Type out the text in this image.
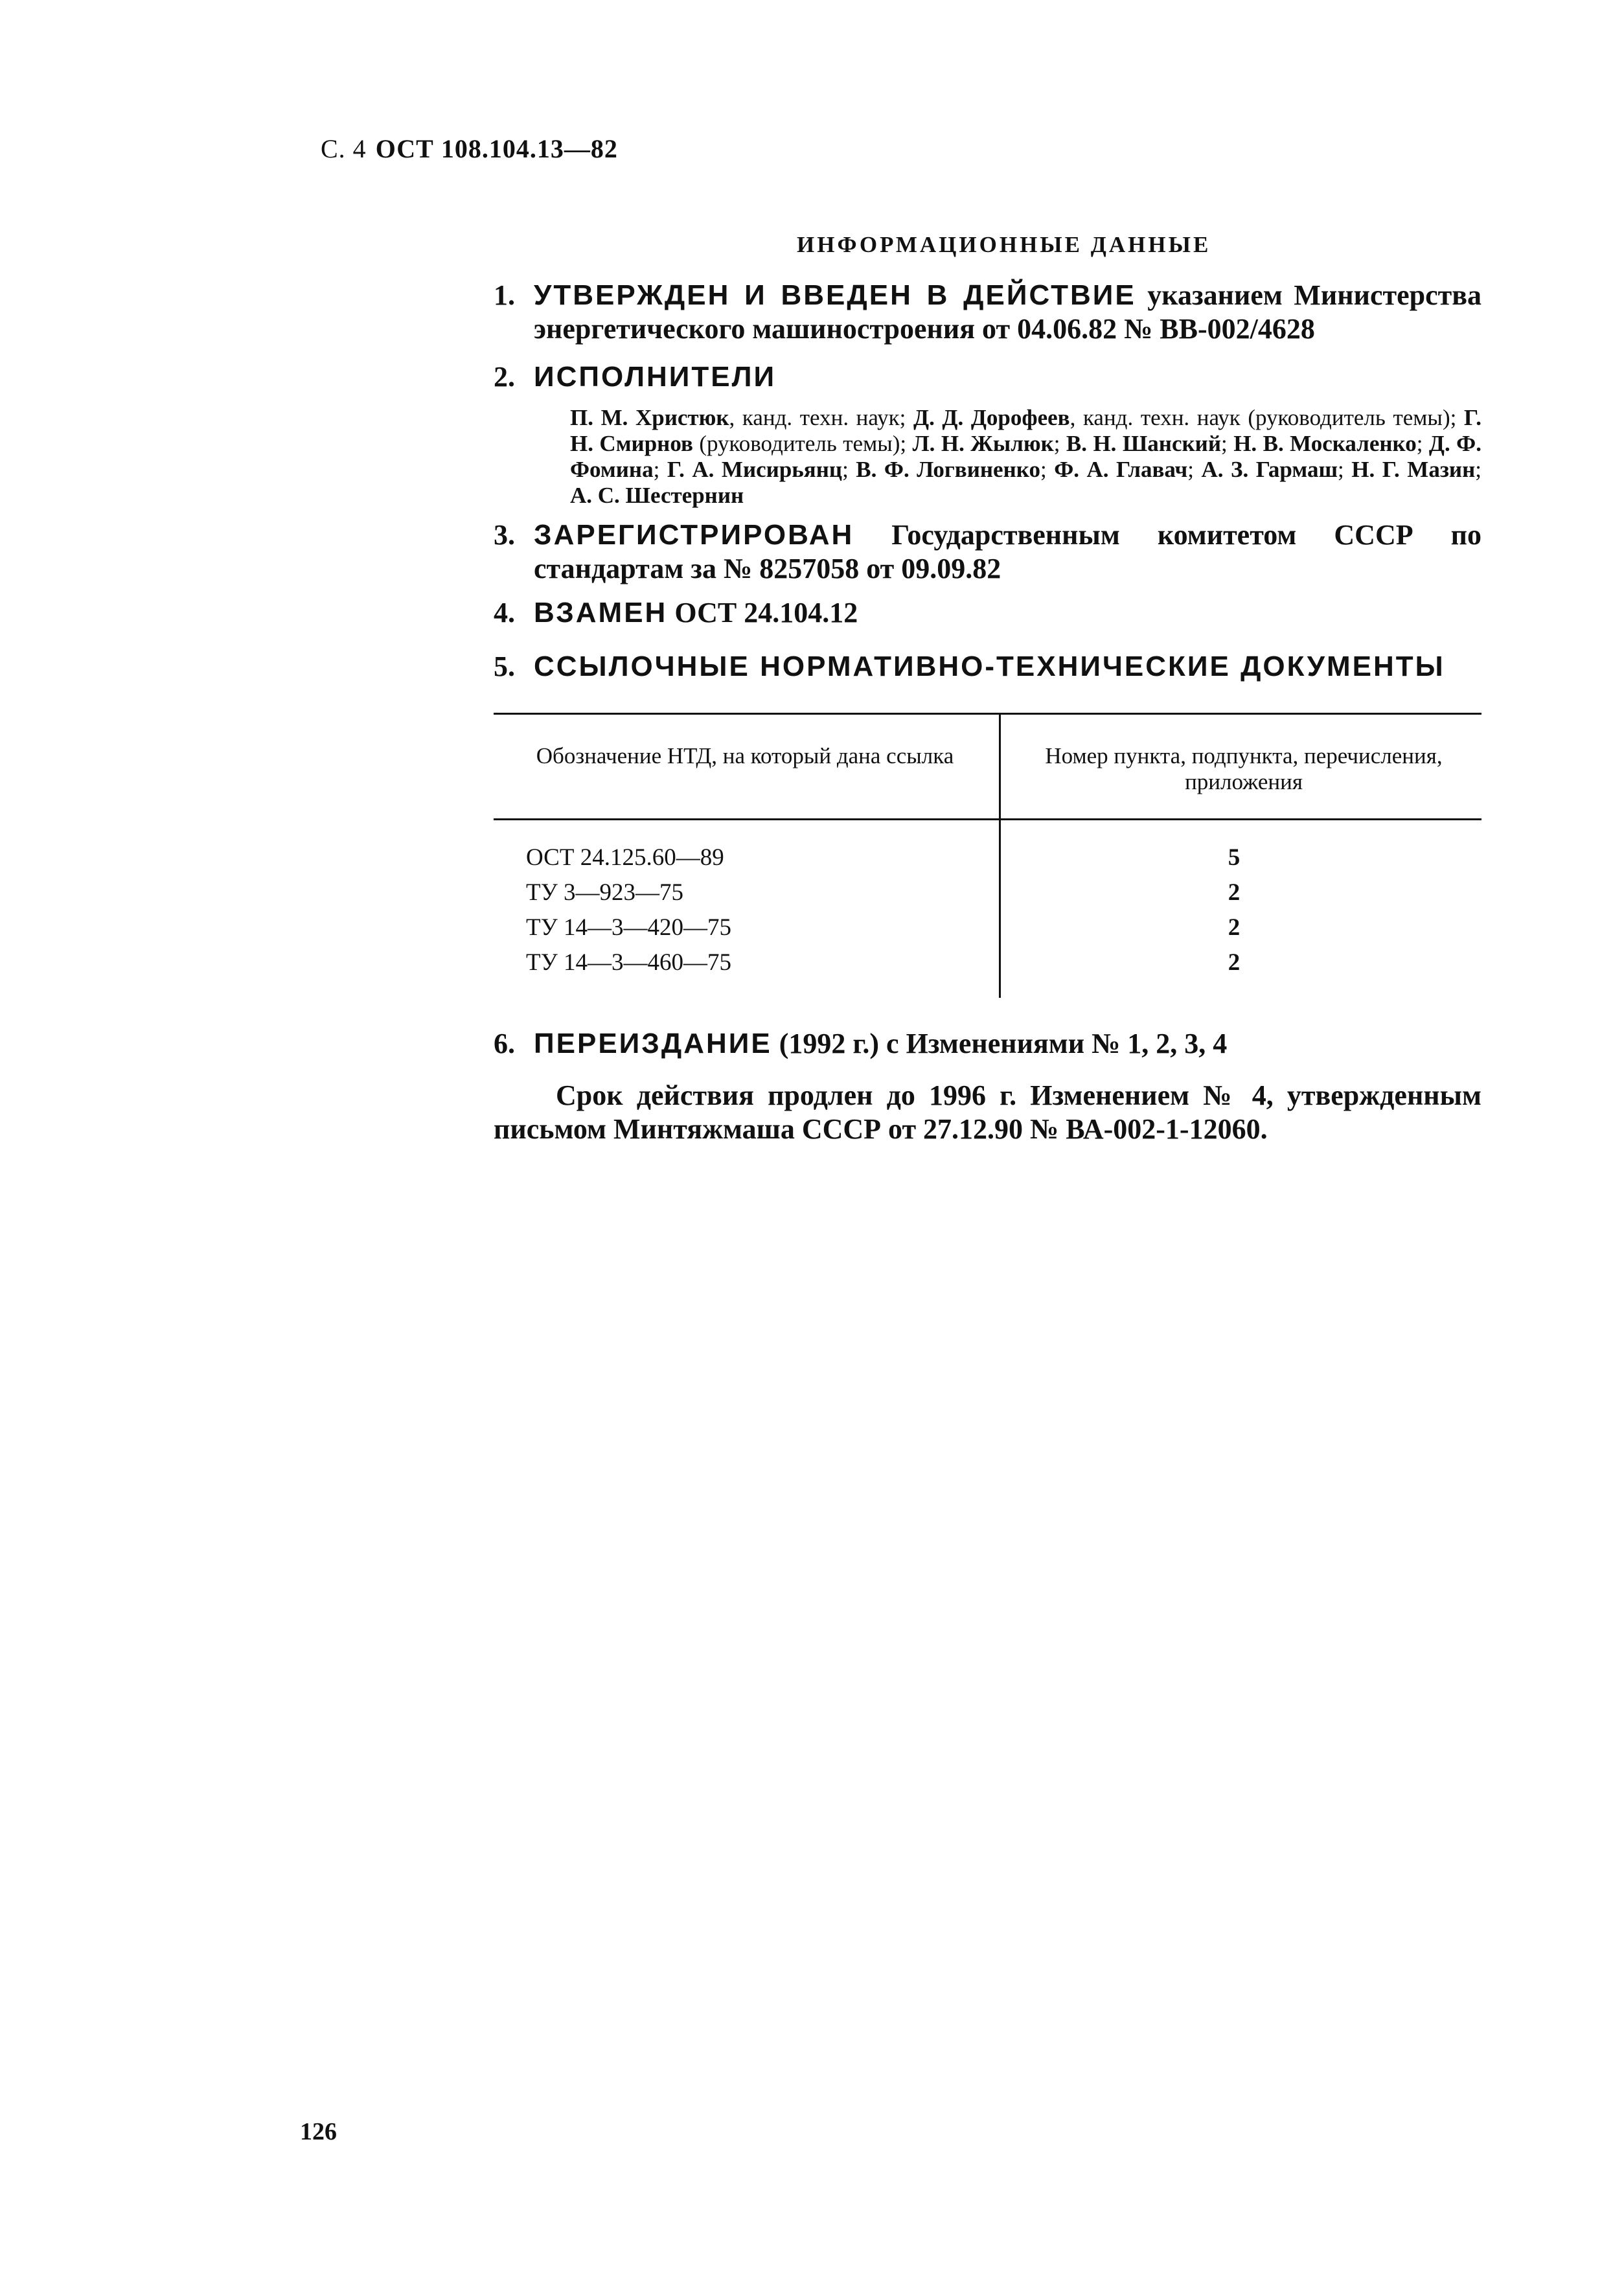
С. 4 ОСТ 108.104.13—82
ИНФОРМАЦИОННЫЕ ДАННЫЕ
1. УТВЕРЖДЕН И ВВЕДЕН В ДЕЙСТВИЕ указанием Министерства энергетического машиностроения от 04.06.82 № ВВ-002/4628
2. ИСПОЛНИТЕЛИ
П. М. Христюк, канд. техн. наук; Д. Д. Дорофеев, канд. техн. наук (руководитель темы); Г. Н. Смирнов (руководитель темы); Л. Н. Жылюк; В. Н. Шанский; Н. В. Москаленко; Д. Ф. Фомина; Г. А. Мисирьянц; В. Ф. Логвиненко; Ф. А. Главач; А. З. Гармаш; Н. Г. Мазин; А. С. Шестернин
3. ЗАРЕГИСТРИРОВАН Государственным комитетом СССР по стандартам за № 8257058 от 09.09.82
4. ВЗАМЕН ОСТ 24.104.12
5. ССЫЛОЧНЫЕ НОРМАТИВНО-ТЕХНИЧЕСКИЕ ДОКУМЕНТЫ
Обозначение НТД, на который дана ссылка	Номер пункта, подпункта, перечисления, приложения
ОСТ 24.125.60—89	5
ТУ 3—923—75	2
ТУ 14—3—420—75	2
ТУ 14—3—460—75	2
6. ПЕРЕИЗДАНИЕ (1992 г.) с Изменениями № 1, 2, 3, 4
Срок действия продлен до 1996 г. Изменением № 4, утвержденным письмом Минтяжмаша СССР от 27.12.90 № ВА-002-1-12060.
126
